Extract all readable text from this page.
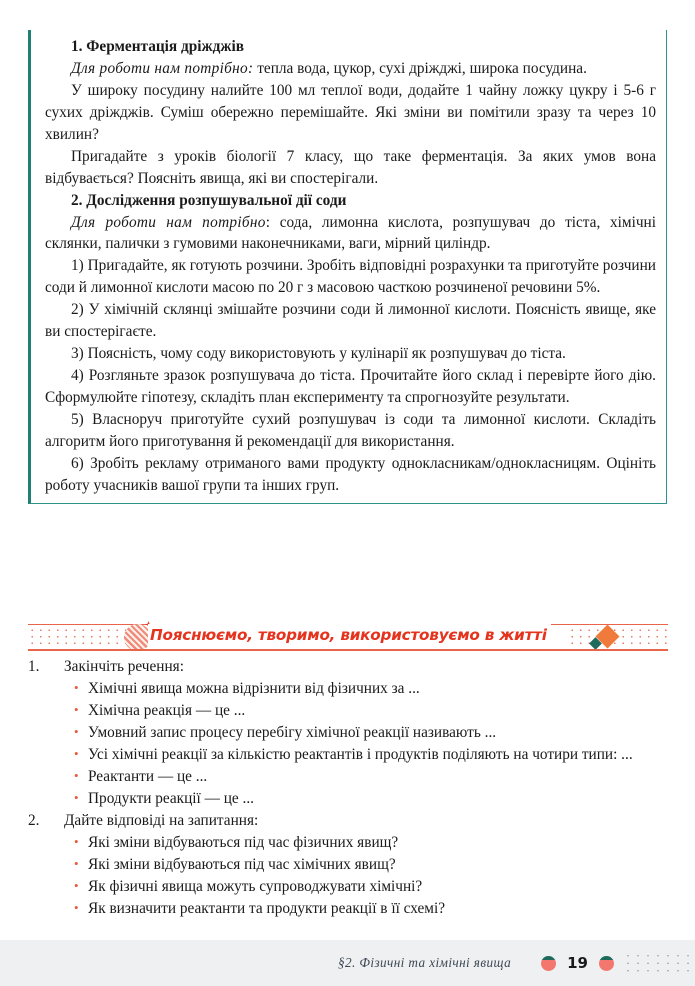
1. Ферментація дріжджів

Для роботи нам потрібно: тепла вода, цукор, сухі дріжджі, широка посудина.

У широку посудину налийте 100 мл теплої води, додайте 1 чайну ложку цукру і 5-6 г сухих дріжджів. Суміш обережно перемішайте. Які зміни ви помітили зразу та через 10 хвилин?

Пригадайте з уроків біології 7 класу, що таке ферментація. За яких умов вона відбувається? Поясніть явища, які ви спостерігали.

2. Дослідження розпушувальної дії соди

Для роботи нам потрібно: сода, лимонна кислота, розпушувач до тіста, хімічні склянки, палички з гумовими наконечниками, ваги, мірний циліндр.

1) Пригадайте, як готують розчини. Зробіть відповідні розрахунки та приготуйте розчини соди й лимонної кислоти масою по 20 г з масовою часткою розчиненої речовини 5%.

2) У хімічній склянці змішайте розчини соди й лимонної кислоти. Поясність явище, яке ви спостерігаєте.

3) Поясність, чому соду використовують у кулінарії як розпушувач до тіста.

4) Розгляньте зразок розпушувача до тіста. Прочитайте його склад і перевірте його дію. Сформулюйте гіпотезу, складіть план експерименту та спрогнозуйте результати.

5) Власноруч приготуйте сухий розпушувач із соди та лимонної кислоти. Складіть алгоритм його приготування й рекомендації для використання.

6) Зробіть рекламу отриманого вами продукту однокласникам/однокласницям. Оцініть роботу учасників вашої групи та інших груп.

Пояснюємо, творимо, використовуємо в житті
1.	Закінчіть речення:
• Хімічні явища можна відрізнити від фізичних за ...
• Хімічна реакція — це ...
• Умовний запис процесу перебігу хімічної реакції називають ...
• Усі хімічні реакції за кількістю реактантів і продуктів поділяють на чотири типи: ...
• Реактанти — це ...
• Продукти реакції — це ...
2.	Дайте відповіді на запитання:
• Які зміни відбуваються під час фізичних явищ?
• Які зміни відбуваються під час хімічних явищ?
• Як фізичні явища можуть супроводжувати хімічні?
• Як визначити реактанти та продукти реакції в її схемі?
§2. Фізичні та хімічні явища	19
